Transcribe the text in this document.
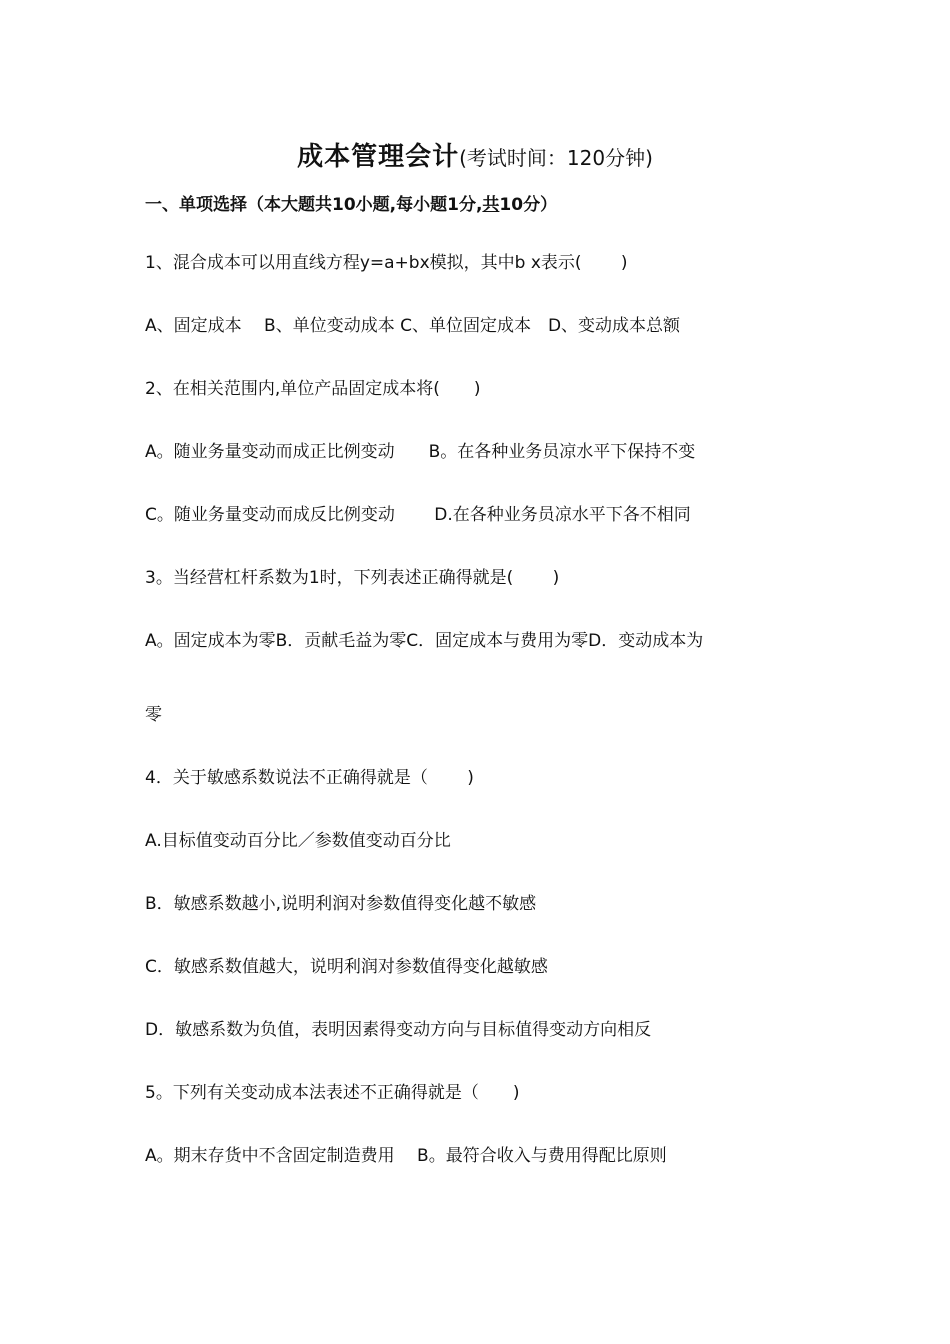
成本管理会计(考试时间：120分钟)
一、单项选择（本大题共10小题,每小题1分,共10分）
1、混合成本可以用直线方程y=a+bx模拟，其中b x表示(　　 )
A、固定成本　 B、单位变动成本 C、单位固定成本　D、变动成本总额
2、在相关范围内,单位产品固定成本将(　　)
A。随业务量变动而成正比例变动　　B。在各种业务员凉水平下保持不变
C。随业务量变动而成反比例变动　　 D.在各种业务员凉水平下各不相同
3。当经营杠杆系数为1时，下列表述正确得就是(　　 )
A。固定成本为零B．贡献毛益为零C．固定成本与费用为零D．变动成本为
零
4．关于敏感系数说法不正确得就是（　　 )
A.目标值变动百分比／参数值变动百分比
B．敏感系数越小,说明利润对参数值得变化越不敏感
C．敏感系数值越大，说明利润对参数值得变化越敏感
D．敏感系数为负值，表明因素得变动方向与目标值得变动方向相反
5。下列有关变动成本法表述不正确得就是（　　)
A。期末存货中不含固定制造费用　 B。最符合收入与费用得配比原则
